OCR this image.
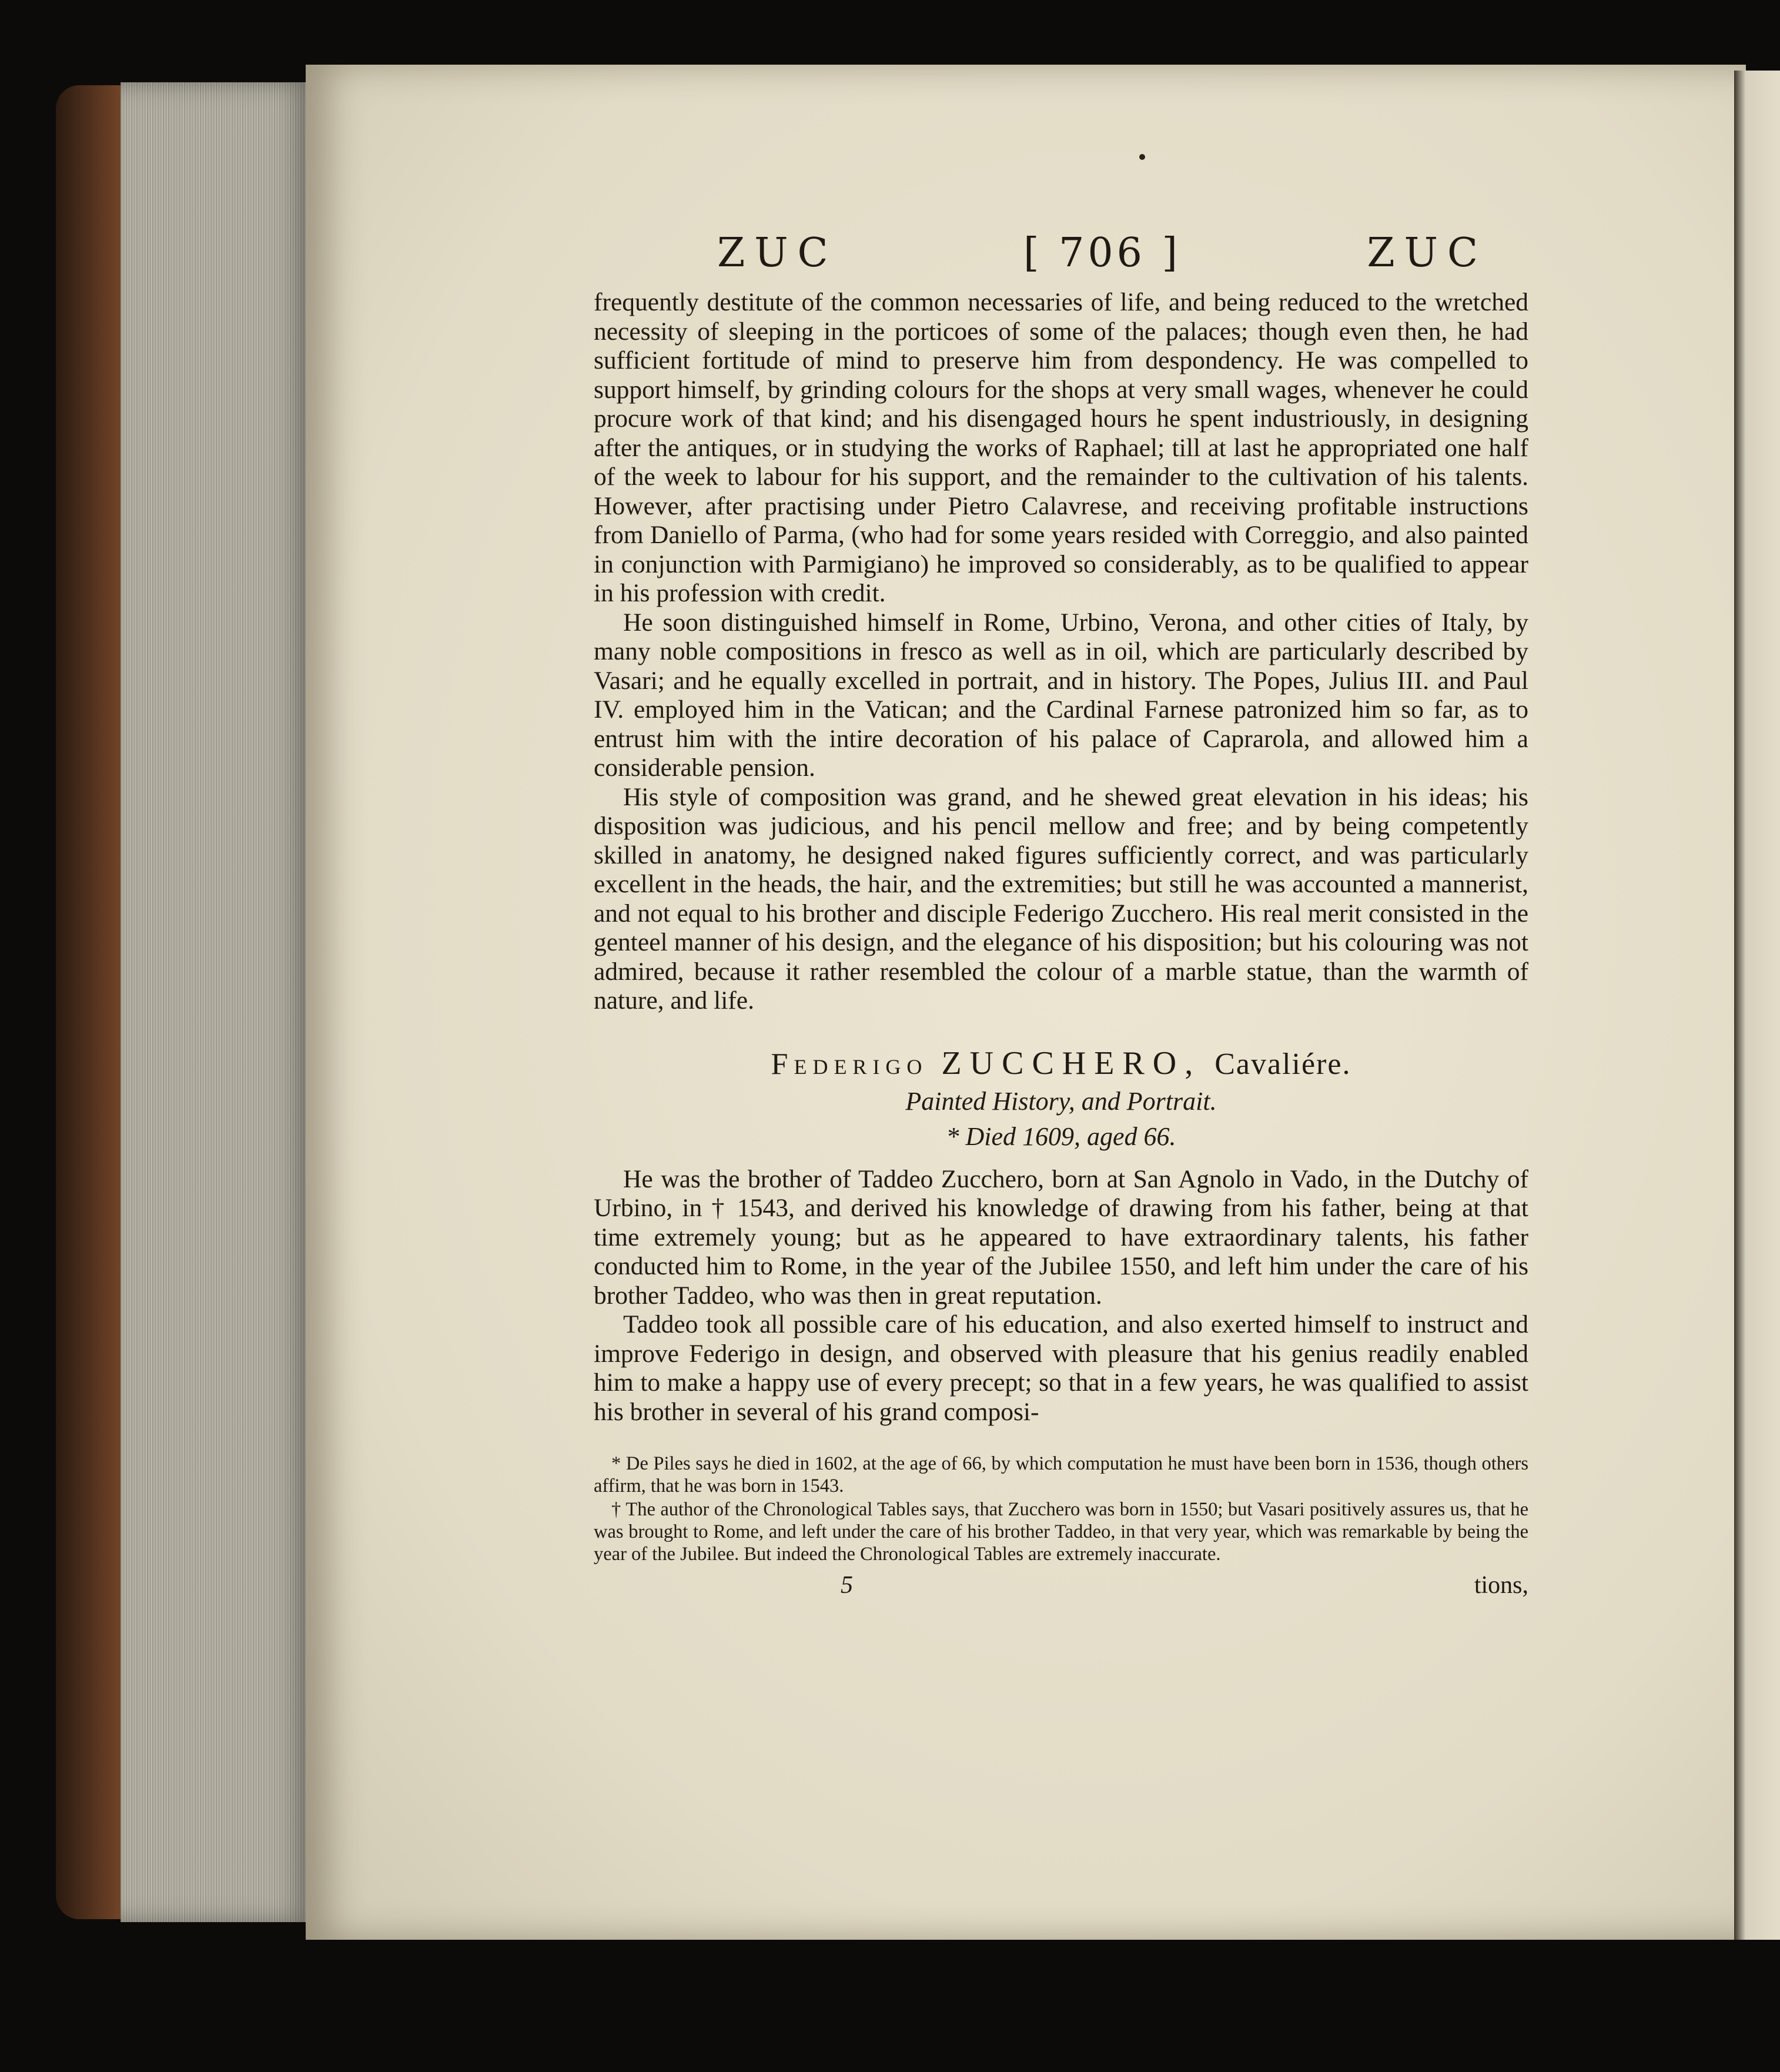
ZUC	[ 706 ]	ZUC

frequently destitute of the common necessaries of life, and being reduced to the wretched necessity of sleeping in the porticoes of some of the palaces; though even then, he had sufficient fortitude of mind to preserve him from despondency. He was compelled to support himself, by grinding colours for the shops at very small wages, whenever he could procure work of that kind; and his disengaged hours he spent industriously, in designing after the antiques, or in studying the works of Raphael; till at last he appropriated one half of the week to labour for his support, and the remainder to the cultivation of his talents. However, after practising under Pietro Calavrese, and receiving profitable instructions from Daniello of Parma, (who had for some years resided with Correggio, and also painted in conjunction with Parmigiano) he improved so considerably, as to be qualified to appear in his profession with credit.

He soon distinguished himself in Rome, Urbino, Verona, and other cities of Italy, by many noble compositions in fresco as well as in oil, which are particularly described by Vasari; and he equally excelled in portrait, and in history. The Popes, Julius III. and Paul IV. employed him in the Vatican; and the Cardinal Farnese patronized him so far, as to entrust him with the intire decoration of his palace of Caprarola, and allowed him a considerable pension.

His style of composition was grand, and he shewed great elevation in his ideas; his disposition was judicious, and his pencil mellow and free; and by being competently skilled in anatomy, he designed naked figures sufficiently correct, and was particularly excellent in the heads, the hair, and the extremities; but still he was accounted a mannerist, and not equal to his brother and disciple Federigo Zucchero. His real merit consisted in the genteel manner of his design, and the elegance of his disposition; but his colouring was not admired, because it rather resembled the colour of a marble statue, than the warmth of nature, and life.

Federigo ZUCCHERO, Cavaliére.
Painted History, and Portrait.
* Died 1609, aged 66.

He was the brother of Taddeo Zucchero, born at San Agnolo in Vado, in the Dutchy of Urbino, in † 1543, and derived his knowledge of drawing from his father, being at that time extremely young; but as he appeared to have extraordinary talents, his father conducted him to Rome, in the year of the Jubilee 1550, and left him under the care of his brother Taddeo, who was then in great reputation.

Taddeo took all possible care of his education, and also exerted himself to instruct and improve Federigo in design, and observed with pleasure that his genius readily enabled him to make a happy use of every precept; so that in a few years, he was qualified to assist his brother in several of his grand composi-

* De Piles says he died in 1602, at the age of 66, by which computation he must have been born in 1536, though others affirm, that he was born in 1543.

† The author of the Chronological Tables says, that Zucchero was born in 1550; but Vasari positively assures us, that he was brought to Rome, and left under the care of his brother Taddeo, in that very year, which was remarkable by being the year of the Jubilee. But indeed the Chronological Tables are extremely inaccurate.

5	tions,
